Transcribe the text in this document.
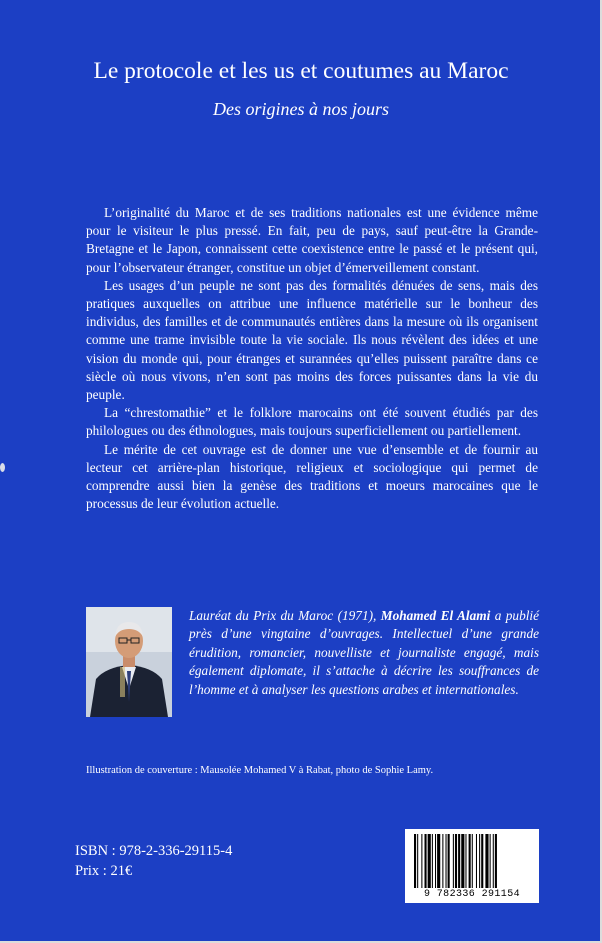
Le protocole et les us et coutumes au Maroc
Des origines à nos jours

L’originalité du Maroc et de ses traditions nationales est une évidence même pour le visiteur le plus pressé. En fait, peu de pays, sauf peut-être la Grande-Bretagne et le Japon, connaissent cette coexistence entre le passé et le présent qui, pour l’observateur étranger, constitue un objet d’émerveillement constant.

Les usages d’un peuple ne sont pas des formalités dénuées de sens, mais des pratiques auxquelles on attribue une influence matérielle sur le bonheur des individus, des familles et de communautés entières dans la mesure où ils organisent comme une trame invisible toute la vie sociale. Ils nous révèlent des idées et une vision du monde qui, pour étranges et surannées qu’elles puissent paraître dans ce siècle où nous vivons, n’en sont pas moins des forces puissantes dans la vie du peuple.

La “chrestomathie” et le folklore marocains ont été souvent étudiés par des philologues ou des éthnologues, mais toujours superficiellement ou partiellement.

Le mérite de cet ouvrage est de donner une vue d’ensemble et de fournir au lecteur cet arrière-plan historique, religieux et sociologique qui permet de comprendre aussi bien la genèse des traditions et moeurs marocaines que le processus de leur évolution actuelle.

Lauréat du Prix du Maroc (1971), Mohamed El Alami a publié près d’une vingtaine d’ouvrages. Intellectuel d’une grande érudition, romancier, nouvelliste et journaliste engagé, mais également diplomate, il s’attache à décrire les souffrances de l’homme et à analyser les questions arabes et internationales.
Illustration de couverture : Mausolée Mohamed V à Rabat, photo de Sophie Lamy.
ISBN : 978-2-336-29115-4
Prix : 21€
9 782336 291154
